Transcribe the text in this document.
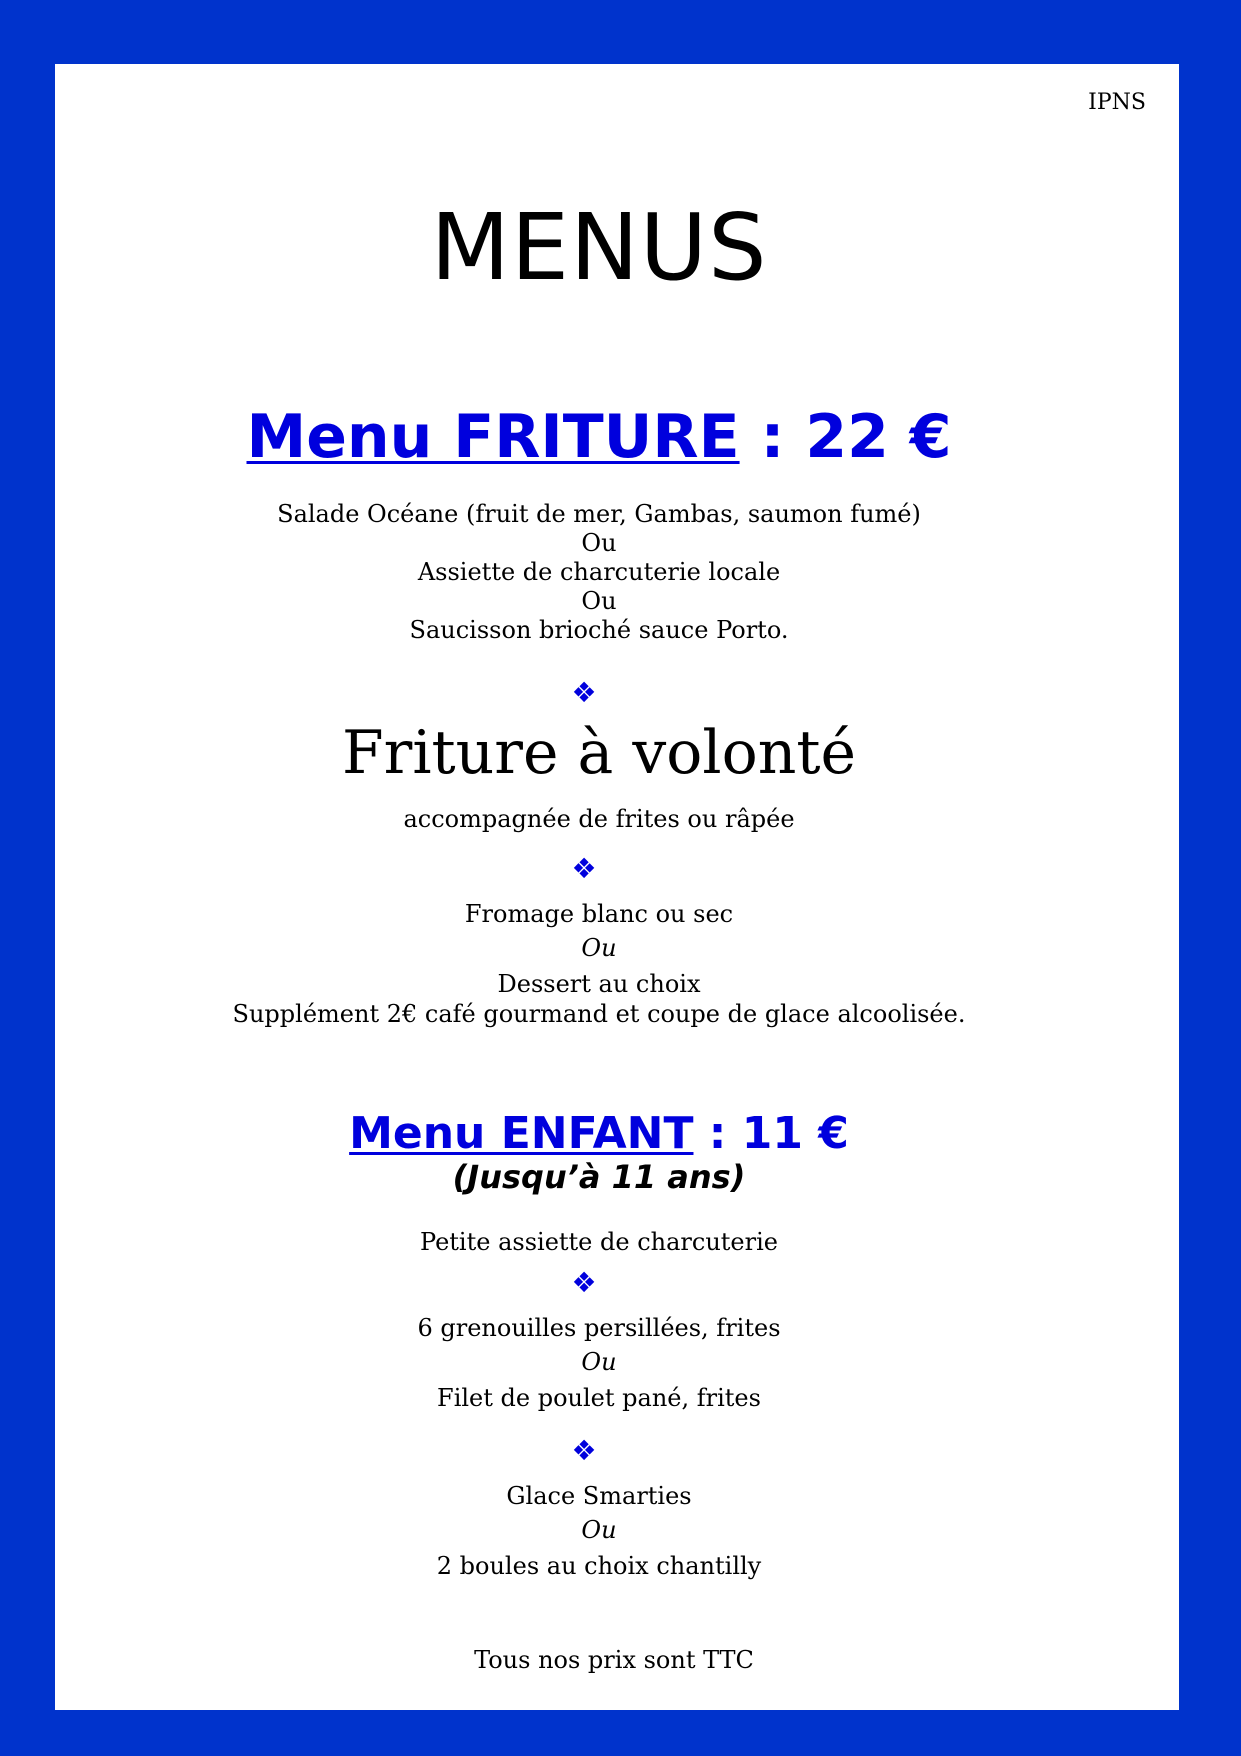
IPNS
MENUS
Menu FRITURE : 22 €
Salade Océane (fruit de mer, Gambas, saumon fumé)
Ou
Assiette de charcuterie locale
Ou
Saucisson brioché sauce Porto.
❖
Friture à volonté
accompagnée de frites ou râpée
❖
Fromage blanc ou sec
Ou
Dessert au choix
Supplément 2€ café gourmand et coupe de glace alcoolisée.
Menu ENFANT : 11 €
(Jusqu’à 11 ans)
Petite assiette de charcuterie
❖
6 grenouilles persillées, frites
Ou
Filet de poulet pané, frites
❖
Glace Smarties
Ou
2 boules au choix chantilly
Tous nos prix sont TTC
